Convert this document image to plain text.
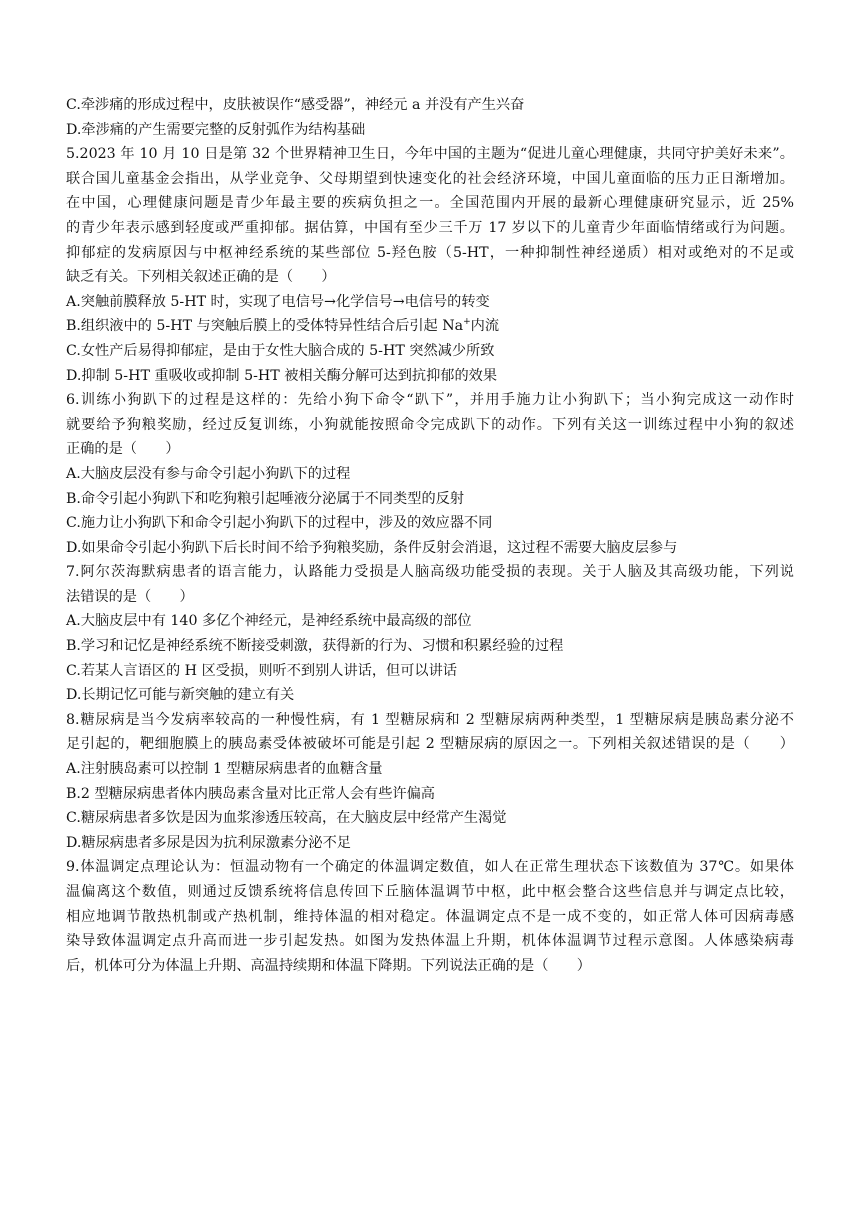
C.牵涉痛的形成过程中，皮肤被误作“感受器”，神经元 a 并没有产生兴奋
D.牵涉痛的产生需要完整的反射弧作为结构基础
5.2023 年 10 月 10 日是第 32 个世界精神卫生日，今年中国的主题为“促进儿童心理健康，共同守护美好未来”。
联合国儿童基金会指出，从学业竞争、父母期望到快速变化的社会经济环境，中国儿童面临的压力正日渐增加。
在中国，心理健康问题是青少年最主要的疾病负担之一。全国范围内开展的最新心理健康研究显示，近 25%
的青少年表示感到轻度或严重抑郁。据估算，中国有至少三千万 17 岁以下的儿童青少年面临情绪或行为问题。
抑郁症的发病原因与中枢神经系统的某些部位 5-羟色胺（5-HT，一种抑制性神经递质）相对或绝对的不足或
缺乏有关。下列相关叙述正确的是（　　）
A.突触前膜释放 5-HT 时，实现了电信号→化学信号→电信号的转变
B.组织液中的 5-HT 与突触后膜上的受体特异性结合后引起 Na+内流
C.女性产后易得抑郁症，是由于女性大脑合成的 5-HT 突然减少所致
D.抑制 5-HT 重吸收或抑制 5-HT 被相关酶分解可达到抗抑郁的效果
6.训练小狗趴下的过程是这样的：先给小狗下命令“趴下”，并用手施力让小狗趴下；当小狗完成这一动作时
就要给予狗粮奖励，经过反复训练，小狗就能按照命令完成趴下的动作。下列有关这一训练过程中小狗的叙述
正确的是（　　）
A.大脑皮层没有参与命令引起小狗趴下的过程
B.命令引起小狗趴下和吃狗粮引起唾液分泌属于不同类型的反射
C.施力让小狗趴下和命令引起小狗趴下的过程中，涉及的效应器不同
D.如果命令引起小狗趴下后长时间不给予狗粮奖励，条件反射会消退，这过程不需要大脑皮层参与
7.阿尔茨海默病患者的语言能力，认路能力受损是人脑高级功能受损的表现。关于人脑及其高级功能，下列说
法错误的是（　　）
A.大脑皮层中有 140 多亿个神经元，是神经系统中最高级的部位
B.学习和记忆是神经系统不断接受刺激，获得新的行为、习惯和积累经验的过程
C.若某人言语区的 H 区受损，则听不到别人讲话，但可以讲话
D.长期记忆可能与新突触的建立有关
8.糖尿病是当今发病率较高的一种慢性病，有 1 型糖尿病和 2 型糖尿病两种类型，1 型糖尿病是胰岛素分泌不
足引起的，靶细胞膜上的胰岛素受体被破坏可能是引起 2 型糖尿病的原因之一。下列相关叙述错误的是（　　）
A.注射胰岛素可以控制 1 型糖尿病患者的血糖含量
B.2 型糖尿病患者体内胰岛素含量对比正常人会有些许偏高
C.糖尿病患者多饮是因为血浆渗透压较高，在大脑皮层中经常产生渴觉
D.糖尿病患者多尿是因为抗利尿激素分泌不足
9.体温调定点理论认为：恒温动物有一个确定的体温调定数值，如人在正常生理状态下该数值为 37℃。如果体
温偏离这个数值，则通过反馈系统将信息传回下丘脑体温调节中枢，此中枢会整合这些信息并与调定点比较，
相应地调节散热机制或产热机制，维持体温的相对稳定。体温调定点不是一成不变的，如正常人体可因病毒感
染导致体温调定点升高而进一步引起发热。如图为发热体温上升期，机体体温调节过程示意图。人体感染病毒
后，机体可分为体温上升期、高温持续期和体温下降期。下列说法正确的是（　　）
